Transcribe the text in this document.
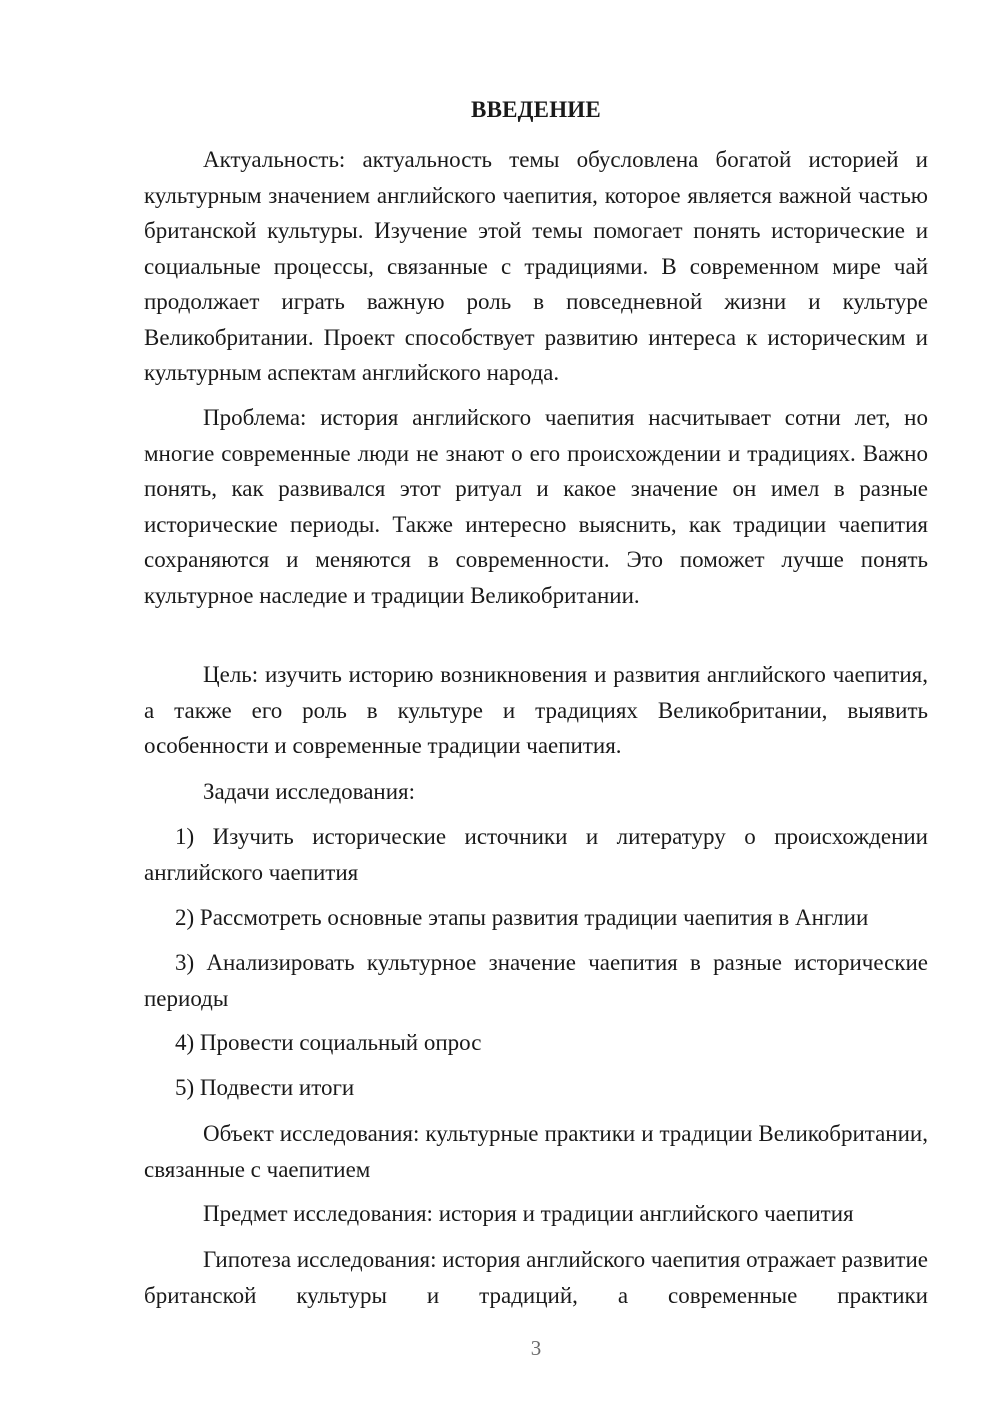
ВВЕДЕНИЕ

Актуальность: актуальность темы обусловлена богатой историей и культурным значением английского чаепития, которое является важной частью британской культуры. Изучение этой темы помогает понять исторические и социальные процессы, связанные с традициями. В современном мире чай продолжает играть важную роль в повседневной жизни и культуре Великобритании. Проект способствует развитию интереса к историческим и культурным аспектам английского народа.

Проблема: история английского чаепития насчитывает сотни лет, но многие современные люди не знают о его происхождении и традициях. Важно понять, как развивался этот ритуал и какое значение он имел в разные исторические периоды. Также интересно выяснить, как традиции чаепития сохраняются и меняются в современности. Это поможет лучше понять культурное наследие и традиции Великобритании.

Цель: изучить историю возникновения и развития английского чаепития, а также его роль в культуре и традициях Великобритании, выявить особенности и современные традиции чаепития.

Задачи исследования:

1) Изучить исторические источники и литературу о происхождении английского чаепития

2) Рассмотреть основные этапы развития традиции чаепития в Англии

3) Анализировать культурное значение чаепития в разные исторические периоды

4) Провести социальный опрос

5) Подвести итоги

Объект исследования: культурные практики и традиции Великобритании, связанные с чаепитием

Предмет исследования: история и традиции английского чаепития

Гипотеза исследования: история английского чаепития отражает развитие британской культуры и традиций, а современные практики

3
